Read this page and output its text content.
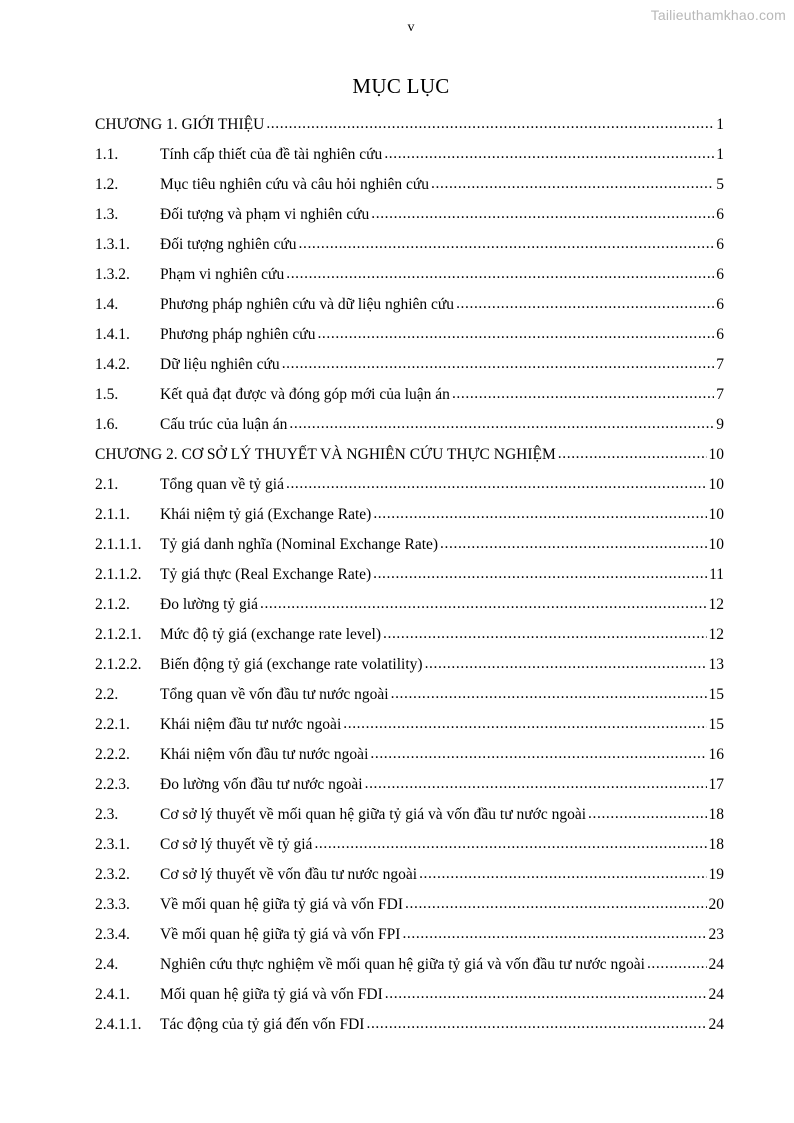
Tailieuthamkhao.com
v
MỤC LỤC
CHƯƠNG 1. GIỚI THIỆU .....	1
1.1.	Tính cấp thiết của đề tài nghiên cứu .....	1
1.2.	Mục tiêu nghiên cứu và câu hỏi nghiên cứu .....	5
1.3.	Đối tượng và phạm vi nghiên cứu .....	6
1.3.1.	Đối tượng nghiên cứu .....	6
1.3.2.	Phạm vi nghiên cứu .....	6
1.4.	Phương pháp nghiên cứu và dữ liệu nghiên cứu .....	6
1.4.1.	Phương pháp nghiên cứu .....	6
1.4.2.	Dữ liệu nghiên cứu .....	7
1.5.	Kết quả đạt được và đóng góp mới của luận án .....	7
1.6.	Cấu trúc của luận án .....	9
CHƯƠNG 2. CƠ SỞ LÝ THUYẾT VÀ NGHIÊN CỨU THỰC NGHIỆM .....	10
2.1.	Tổng quan về tỷ giá .....	10
2.1.1.	Khái niệm tỷ giá (Exchange Rate) .....	10
2.1.1.1.	Tỷ giá danh nghĩa (Nominal Exchange Rate) .....	10
2.1.1.2.	Tỷ giá thực (Real Exchange Rate) .....	11
2.1.2.	Đo lường tỷ giá .....	12
2.1.2.1.	Mức độ tỷ giá (exchange rate level) .....	12
2.1.2.2.	Biến động tỷ giá (exchange rate volatility) .....	13
2.2.	Tổng quan về vốn đầu tư nước ngoài .....	15
2.2.1.	Khái niệm đầu tư nước ngoài .....	15
2.2.2.	Khái niệm vốn đầu tư nước ngoài .....	16
2.2.3.	Đo lường vốn đầu tư nước ngoài .....	17
2.3.	Cơ sở lý thuyết về mối quan hệ giữa tỷ giá và vốn đầu tư nước ngoài .....	18
2.3.1.	Cơ sở lý thuyết về tỷ giá .....	18
2.3.2.	Cơ sở lý thuyết về vốn đầu tư nước ngoài .....	19
2.3.3.	Về mối quan hệ giữa tỷ giá và vốn FDI .....	20
2.3.4.	Về mối quan hệ giữa tỷ giá và vốn FPI .....	23
2.4.	Nghiên cứu thực nghiệm về mối quan hệ giữa tỷ giá và vốn đầu tư nước ngoài .....	24
2.4.1.	Mối quan hệ giữa tỷ giá và vốn FDI .....	24
2.4.1.1.	Tác động của tỷ giá đến vốn FDI .....	24
